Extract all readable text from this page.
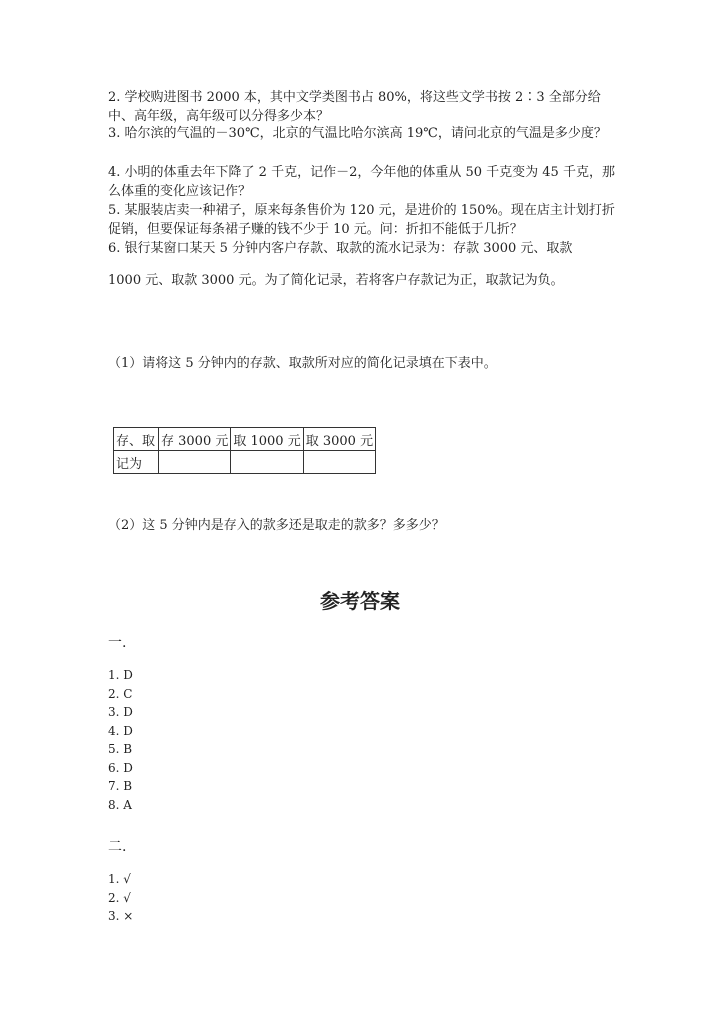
2. 学校购进图书 2000 本，其中文学类图书占 80%，将这些文学书按 2∶3 全部分给中、高年级，高年级可以分得多少本？

3. 哈尔滨的气温的－30℃，北京的气温比哈尔滨高 19℃，请问北京的气温是多少度？

4. 小明的体重去年下降了 2 千克，记作－2，今年他的体重从 50 千克变为 45 千克，那么体重的变化应该记作？

5. 某服装店卖一种裙子，原来每条售价为 120 元，是进价的 150%。现在店主计划打折促销，但要保证每条裙子赚的钱不少于 10 元。问：折扣不能低于几折？

6. 银行某窗口某天 5 分钟内客户存款、取款的流水记录为：存款 3000 元、取款

1000 元、取款 3000 元。为了简化记录，若将客户存款记为正，取款记为负。

（1）请将这 5 分钟内的存款、取款所对应的简化记录填在下表中。

存、取	存 3000 元	取 1000 元	取 3000 元
记为			

（2）这 5 分钟内是存入的款多还是取走的款多？多多少？

参考答案
一.
1. D
2. C
3. D
4. D
5. B
6. D
7. B
8. A
二.
1. √
2. √
3. ×
